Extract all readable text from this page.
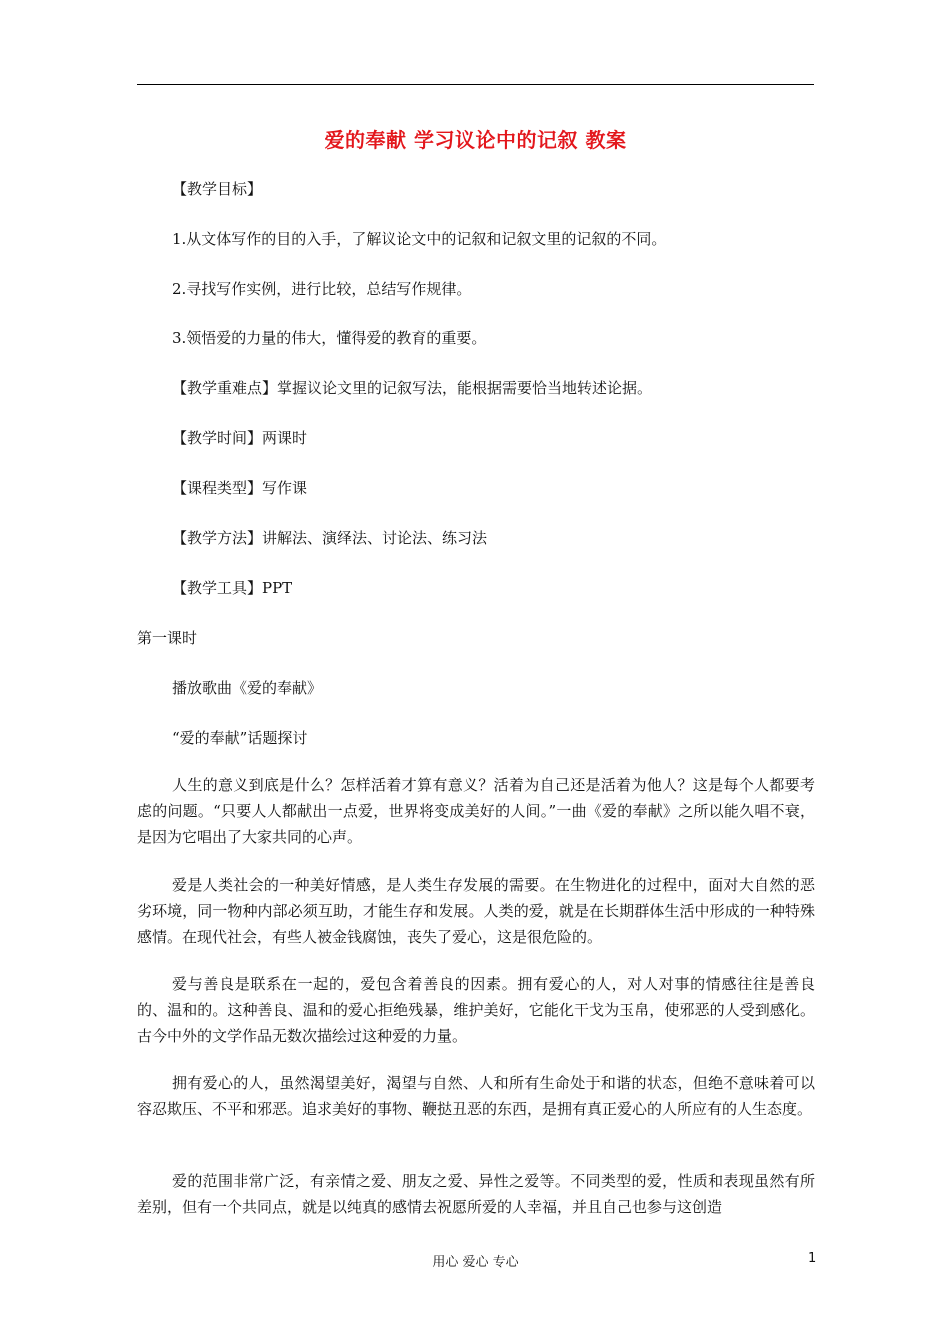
爱的奉献 学习议论中的记叙 教案
【教学目标】
1.从文体写作的目的入手，了解议论文中的记叙和记叙文里的记叙的不同。
2.寻找写作实例，进行比较，总结写作规律。
3.领悟爱的力量的伟大，懂得爱的教育的重要。
【教学重难点】掌握议论文里的记叙写法，能根据需要恰当地转述论据。
【教学时间】两课时
【课程类型】写作课
【教学方法】讲解法、演绎法、讨论法、练习法
【教学工具】PPT
第一课时
播放歌曲《爱的奉献》
“爱的奉献”话题探讨
人生的意义到底是什么？怎样活着才算有意义？活着为自己还是活着为他人？这是每个人都要考虑的问题。“只要人人都献出一点爱，世界将变成美好的人间。”一曲《爱的奉献》之所以能久唱不衰，是因为它唱出了大家共同的心声。
爱是人类社会的一种美好情感，是人类生存发展的需要。在生物进化的过程中，面对大自然的恶劣环境，同一物种内部必须互助，才能生存和发展。人类的爱，就是在长期群体生活中形成的一种特殊感情。在现代社会，有些人被金钱腐蚀，丧失了爱心，这是很危险的。
爱与善良是联系在一起的，爱包含着善良的因素。拥有爱心的人，对人对事的情感往往是善良的、温和的。这种善良、温和的爱心拒绝残暴，维护美好，它能化干戈为玉帛，使邪恶的人受到感化。古今中外的文学作品无数次描绘过这种爱的力量。
拥有爱心的人，虽然渴望美好，渴望与自然、人和所有生命处于和谐的状态，但绝不意味着可以容忍欺压、不平和邪恶。追求美好的事物、鞭挞丑恶的东西，是拥有真正爱心的人所应有的人生态度。
爱的范围非常广泛，有亲情之爱、朋友之爱、异性之爱等。不同类型的爱，性质和表现虽然有所差别，但有一个共同点，就是以纯真的感情去祝愿所爱的人幸福，并且自己也参与这创造
用心 爱心 专心	1
